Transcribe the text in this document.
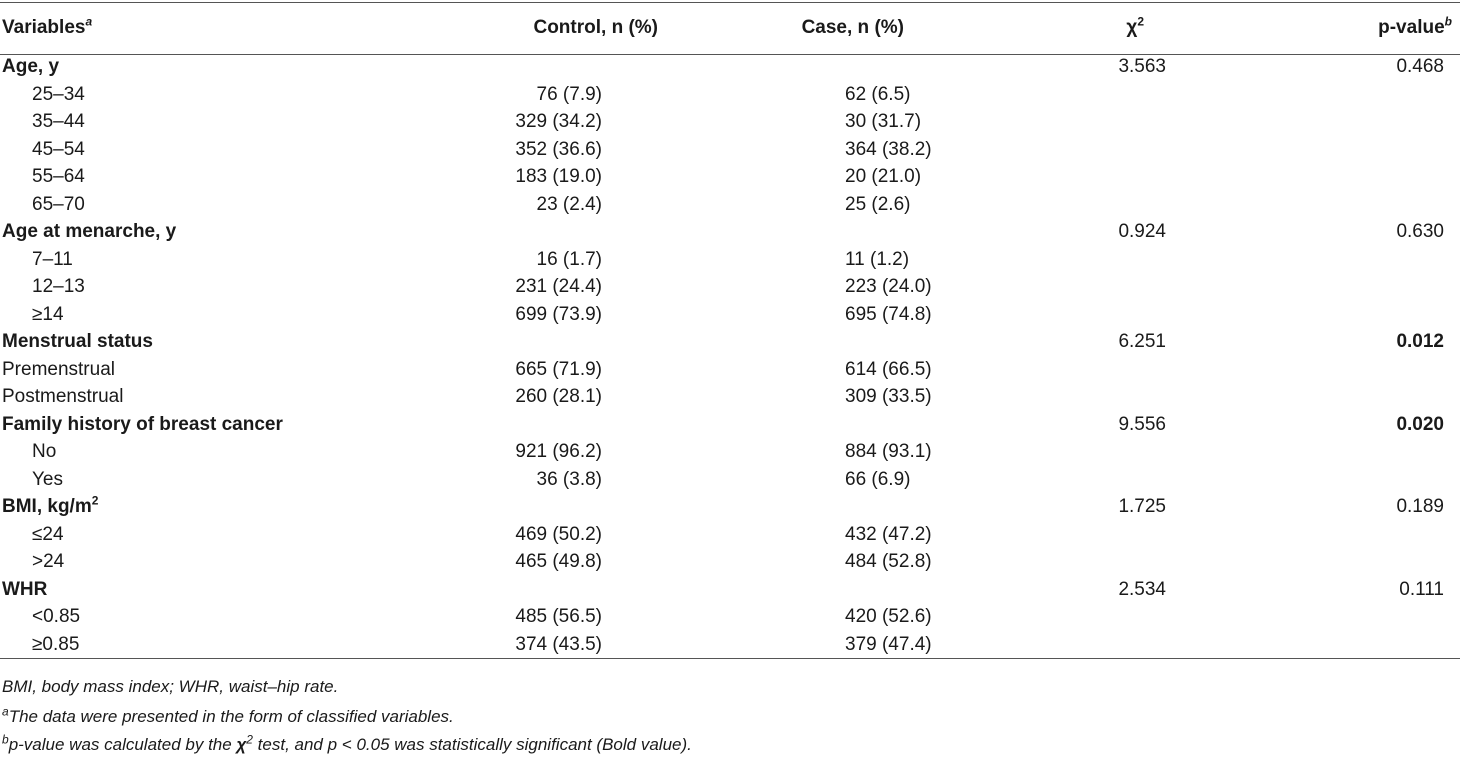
Variables$^a$	Control, n (%)	Case, n (%)	$\chi^2$	p-value$^b$
Age, y			3.563	0.468
25–34	76 (7.9)	62 (6.5)		
35–44	329 (34.2)	30 (31.7)		
45–54	352 (36.6)	364 (38.2)		
55–64	183 (19.0)	20 (21.0)		
65–70	23 (2.4)	25 (2.6)		
Age at menarche, y			0.924	0.630
7–11	16 (1.7)	11 (1.2)		
12–13	231 (24.4)	223 (24.0)		
≥14	699 (73.9)	695 (74.8)		
Menstrual status			6.251	0.012
Premenstrual	665 (71.9)	614 (66.5)		
Postmenstrual	260 (28.1)	309 (33.5)		
Family history of breast cancer			9.556	0.020
No	921 (96.2)	884 (93.1)		
Yes	36 (3.8)	66 (6.9)		
BMI, $kg/m^2$			1.725	0.189
≤24	469 (50.2)	432 (47.2)		
>24	465 (49.8)	484 (52.8)		
WHR			2.534	0.111
<0.85	485 (56.5)	420 (52.6)		
≥0.85	374 (43.5)	379 (47.4)		
BMI, body mass index; WHR, waist–hip rate.
$^a$The data were presented in the form of classified variables.
$^b$p-value was calculated by the $\chi^2$ test, and p < 0.05 was statistically significant (Bold value).
